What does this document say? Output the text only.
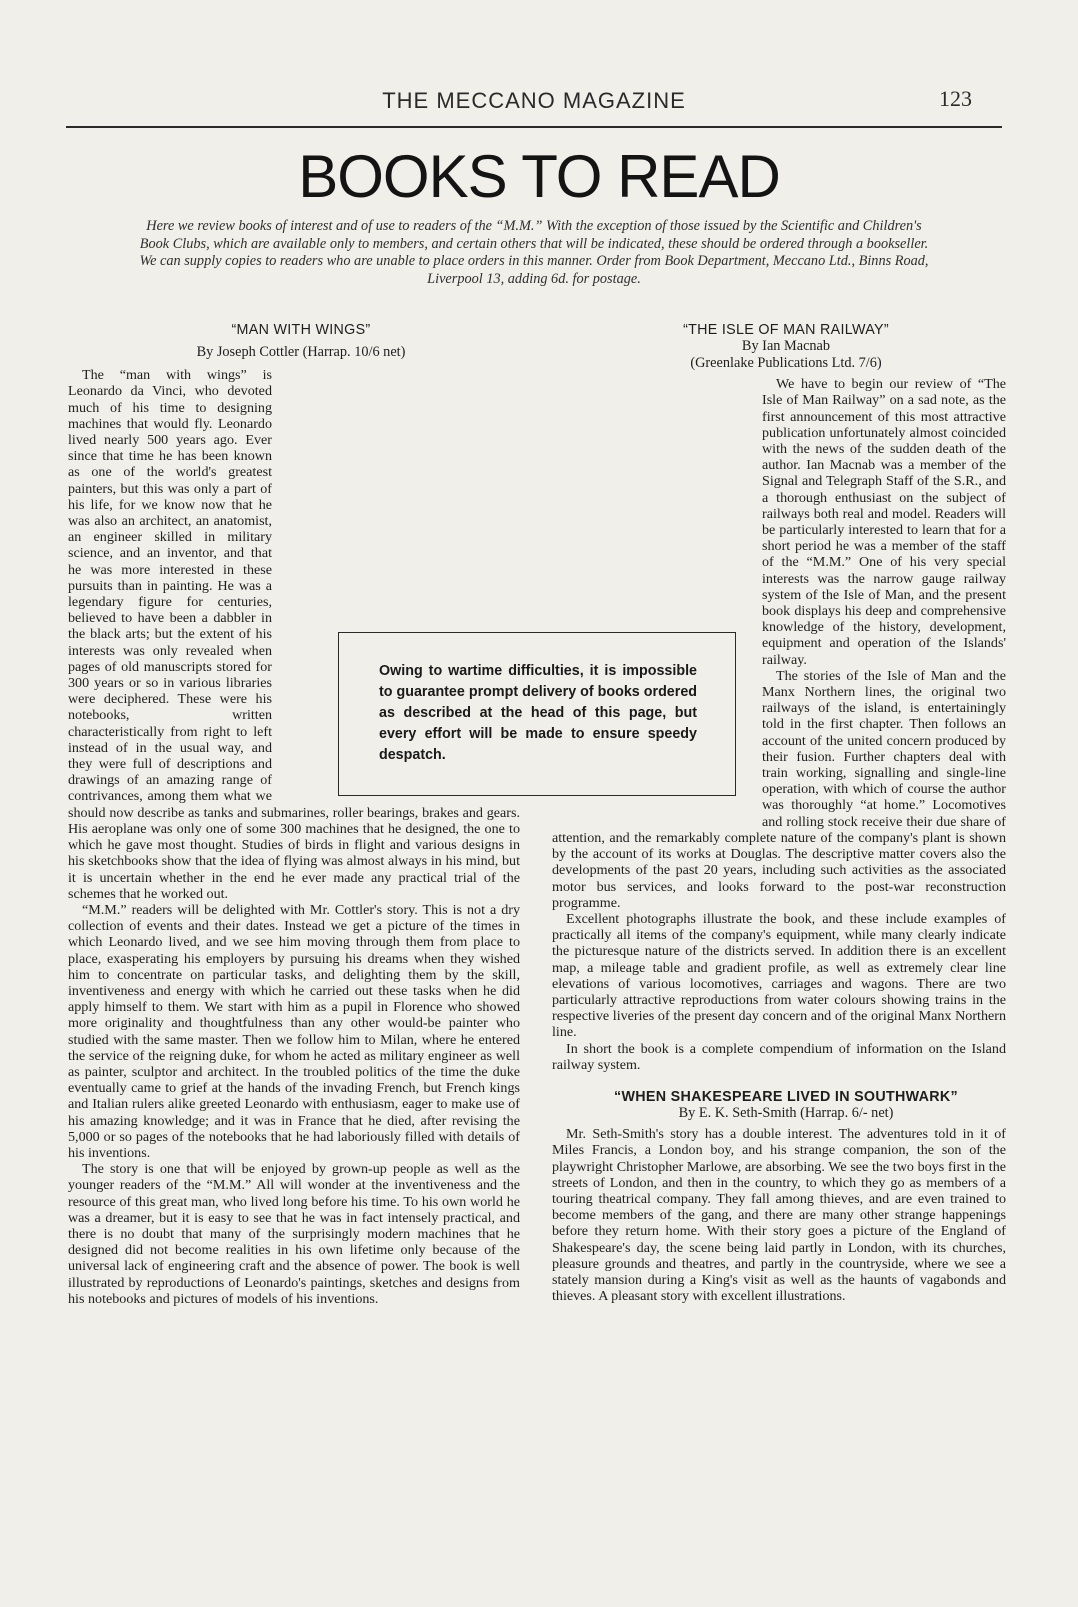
THE MECCANO MAGAZINE	123
BOOKS TO READ
Here we review books of interest and of use to readers of the “M.M.” With the exception of those issued by the Scientific and Children's Book Clubs, which are available only to members, and certain others that will be indicated, these should be ordered through a bookseller. We can supply copies to readers who are unable to place orders in this manner. Order from Book Department, Meccano Ltd., Binns Road, Liverpool 13, adding 6d. for postage.

“MAN WITH WINGS”

By Joseph Cottler (Harrap. 10/6 net)

The “man with wings” is Leonardo da Vinci, who devoted much of his time to designing machines that would fly. Leonardo lived nearly 500 years ago. Ever since that time he has been known as one of the world's greatest painters, but this was only a part of his life, for we know now that he was also an architect, an anatomist, an engineer skilled in military science, and an inventor, and that he was more interested in these pursuits than in painting. He was a legendary figure for centuries, believed to have been a dabbler in the black arts; but the extent of his interests was only revealed when pages of old manuscripts stored for 300 years or so in various libraries were deciphered. These were his notebooks, written characteristically from right to left instead of in the usual way, and they were full of descriptions and drawings of an amazing range of contrivances, among them what we should now describe as tanks and submarines, roller bearings, brakes and gears. His aeroplane was only one of some 300 machines that he designed, the one to which he gave most thought. Studies of birds in flight and various designs in his sketchbooks show that the idea of flying was almost always in his mind, but it is uncertain whether in the end he ever made any practical trial of the schemes that he worked out.

“M.M.” readers will be delighted with Mr. Cottler's story. This is not a dry collection of events and their dates. Instead we get a picture of the times in which Leonardo lived, and we see him moving through them from place to place, exasperating his employers by pursuing his dreams when they wished him to concentrate on particular tasks, and delighting them by the skill, inventiveness and energy with which he carried out these tasks when he did apply himself to them. We start with him as a pupil in Florence who showed more originality and thoughtfulness than any other would-be painter who studied with the same master. Then we follow him to Milan, where he entered the service of the reigning duke, for whom he acted as military engineer as well as painter, sculptor and architect. In the troubled politics of the time the duke eventually came to grief at the hands of the invading French, but French kings and Italian rulers alike greeted Leonardo with enthusiasm, eager to make use of his amazing knowledge; and it was in France that he died, after revising the 5,000 or so pages of the notebooks that he had laboriously filled with details of his inventions.

The story is one that will be enjoyed by grown-up people as well as the younger readers of the “M.M.” All will wonder at the inventiveness and the resource of this great man, who lived long before his time. To his own world he was a dreamer, but it is easy to see that he was in fact intensely practical, and there is no doubt that many of the surprisingly modern machines that he designed did not become realities in his own lifetime only because of the universal lack of engineering craft and the absence of power. The book is well illustrated by reproductions of Leonardo's paintings, sketches and designs from his notebooks and pictures of models of his inventions.

“THE ISLE OF MAN RAILWAY”

By Ian Macnab

(Greenlake Publications Ltd. 7/6)

We have to begin our review of “The Isle of Man Railway” on a sad note, as the first announcement of this most attractive publication unfortunately almost coincided with the news of the sudden death of the author. Ian Macnab was a member of the Signal and Telegraph Staff of the S.R., and a thorough enthusiast on the subject of railways both real and model. Readers will be particularly interested to learn that for a short period he was a member of the staff of the “M.M.” One of his very special interests was the narrow gauge railway system of the Isle of Man, and the present book displays his deep and comprehensive knowledge of the history, development, equipment and operation of the Islands' railway.

The stories of the Isle of Man and the Manx Northern lines, the original two railways of the island, is entertainingly told in the first chapter. Then follows an account of the united concern produced by their fusion. Further chapters deal with train working, signalling and single-line operation, with which of course the author was thoroughly “at home.” Locomotives and rolling stock receive their due share of attention, and the remarkably complete nature of the company's plant is shown by the account of its works at Douglas. The descriptive matter covers also the developments of the past 20 years, including such activities as the associated motor bus services, and looks forward to the post-war reconstruction programme.

Excellent photographs illustrate the book, and these include examples of practically all items of the company's equipment, while many clearly indicate the picturesque nature of the districts served. In addition there is an excellent map, a mileage table and gradient profile, as well as extremely clear line elevations of various locomotives, carriages and wagons. There are two particularly attractive reproductions from water colours showing trains in the respective liveries of the present day concern and of the original Manx Northern line.

In short the book is a complete compendium of information on the Island railway system.

“WHEN SHAKESPEARE LIVED IN SOUTHWARK”

By E. K. Seth-Smith (Harrap. 6/- net)

Mr. Seth-Smith's story has a double interest. The adventures told in it of Miles Francis, a London boy, and his strange companion, the son of the playwright Christopher Marlowe, are absorbing. We see the two boys first in the streets of London, and then in the country, to which they go as members of a touring theatrical company. They fall among thieves, and are even trained to become members of the gang, and there are many other strange happenings before they return home. With their story goes a picture of the England of Shakespeare's day, the scene being laid partly in London, with its churches, pleasure grounds and theatres, and partly in the countryside, where we see a stately mansion during a King's visit as well as the haunts of vagabonds and thieves. A pleasant story with excellent illustrations.

Owing to wartime difficulties, it is impossible to guarantee prompt delivery of books ordered as described at the head of this page, but every effort will be made to ensure speedy despatch.
